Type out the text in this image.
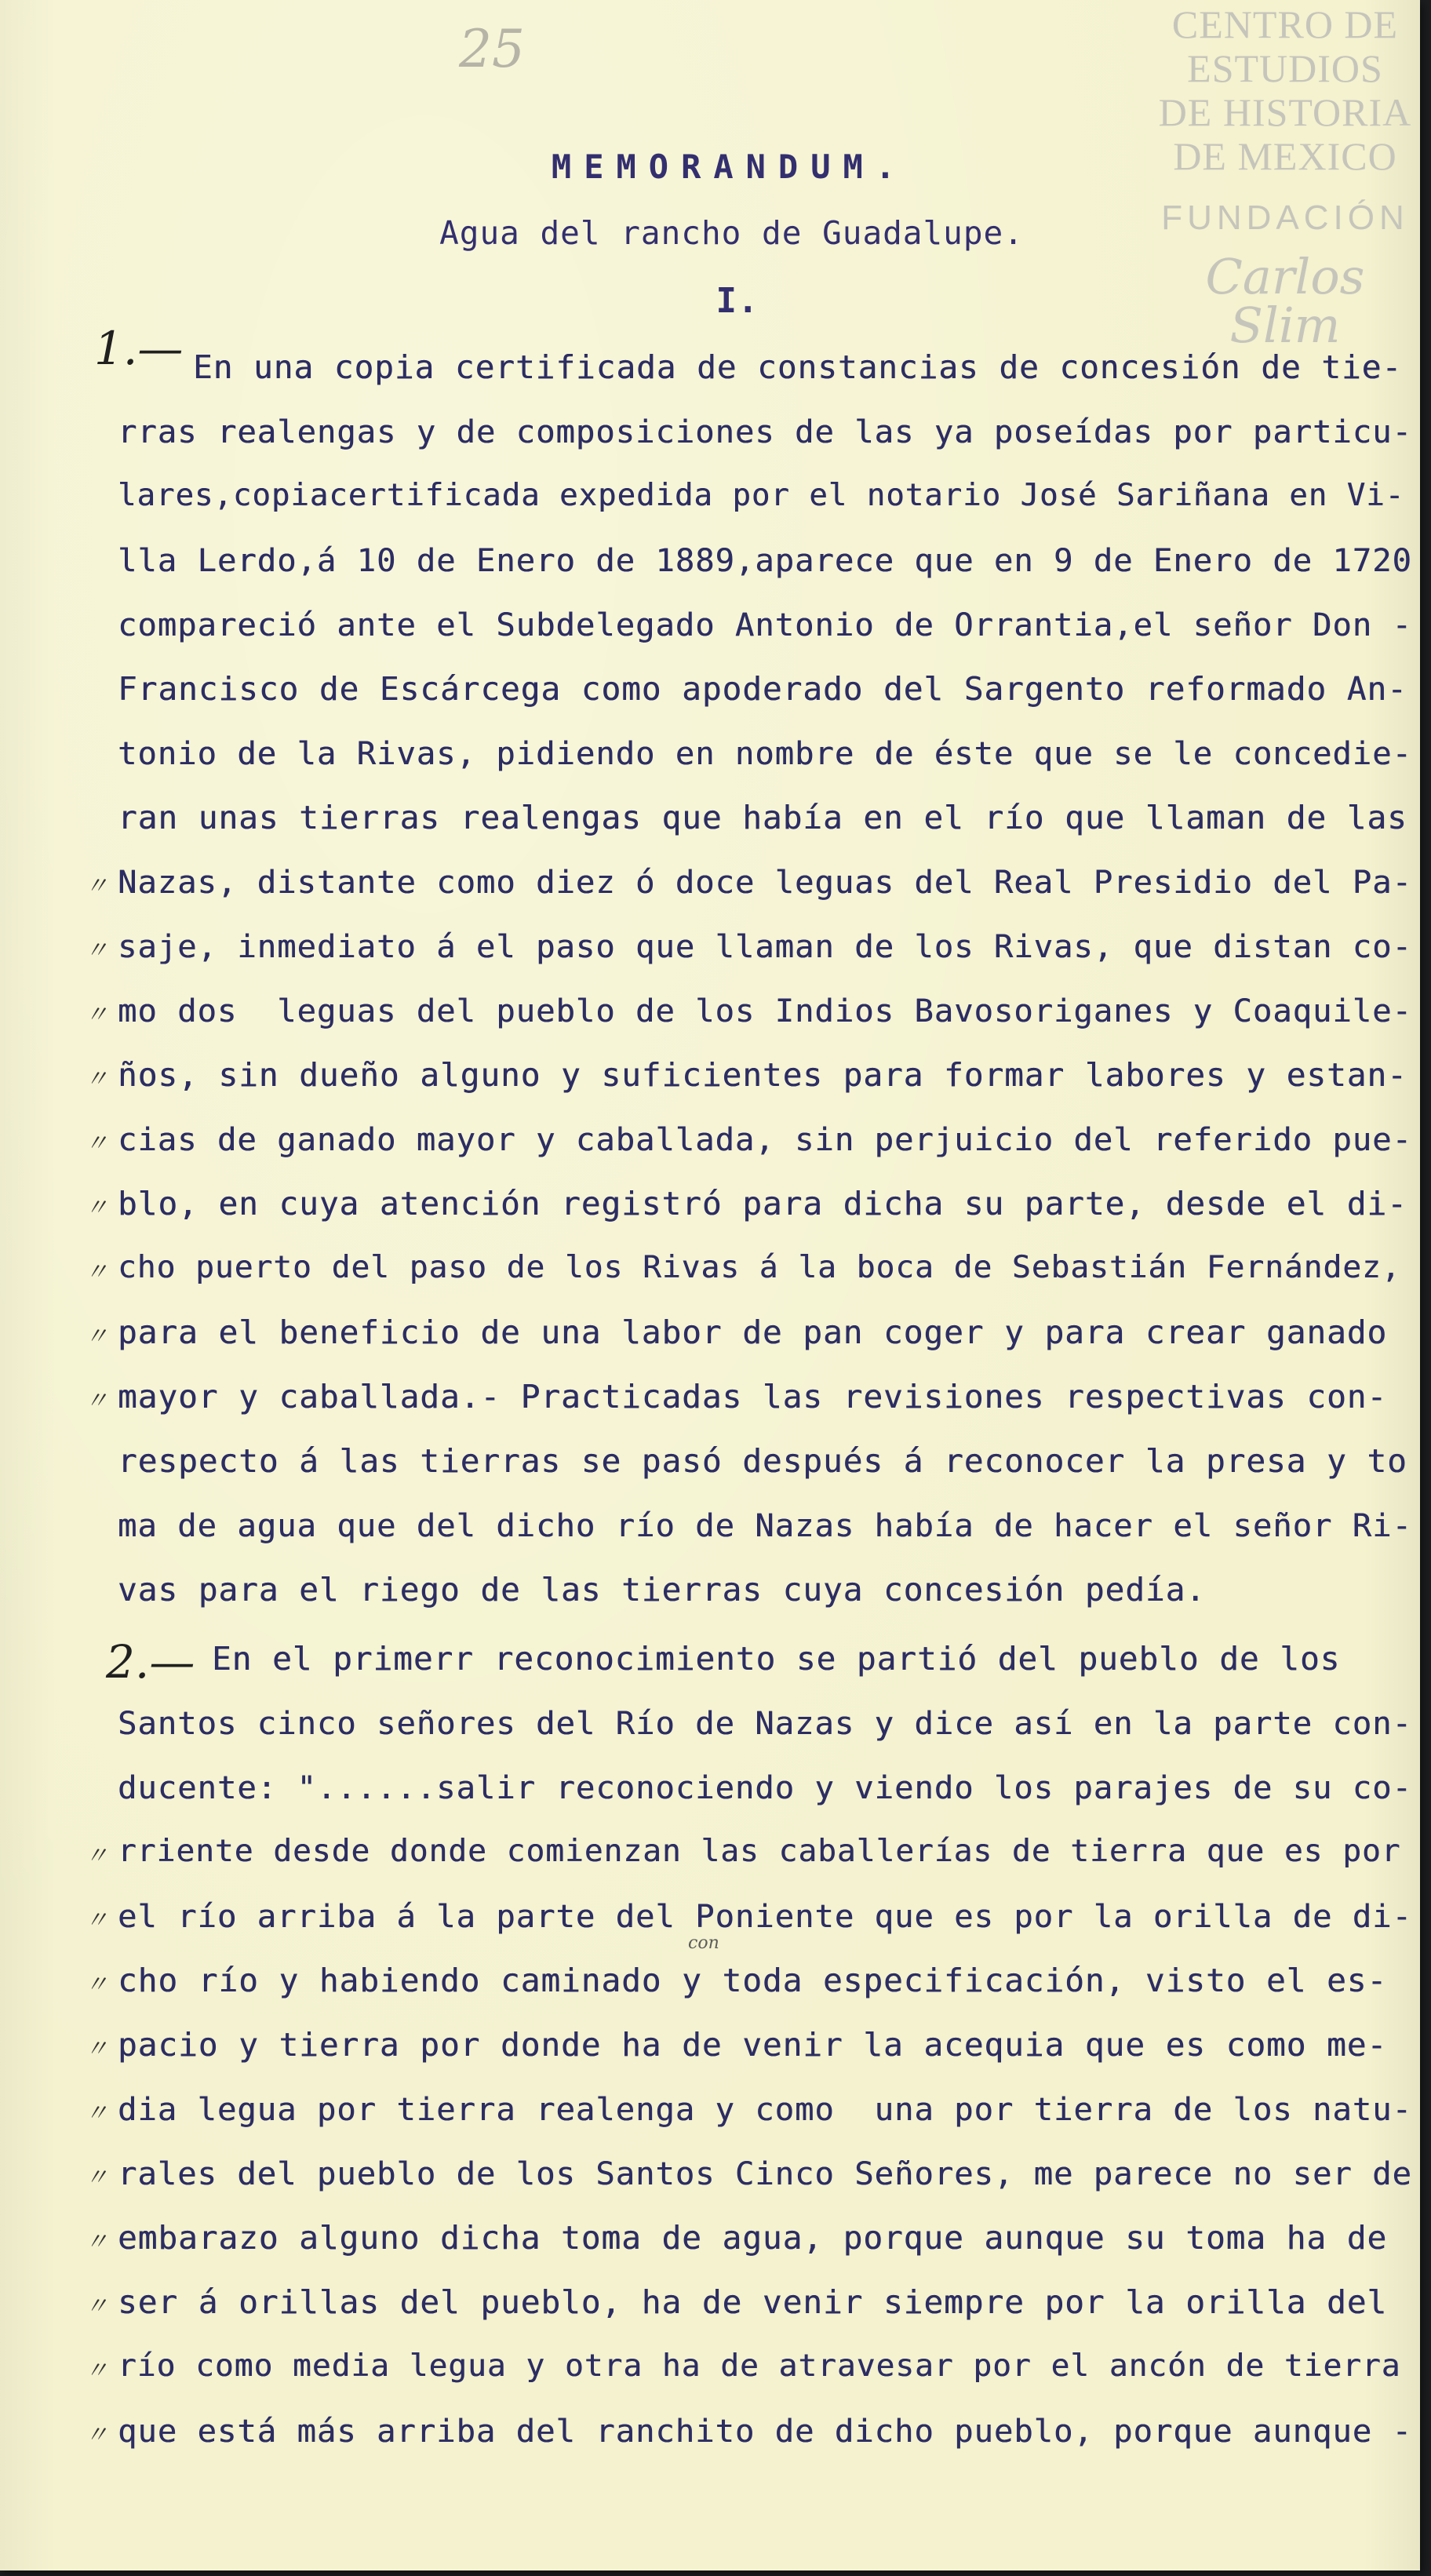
25	CENTRO DE
ESTUDIOS
DE HISTORIA
DE MEXICO
FUNDACIÓN
Carlos Slim
MEMORANDUM.
Agua del rancho de Guadalupe.
I.

1.—

2.—

〃

〃

〃

〃

〃

〃

〃

〃

〃

〃

〃

〃

〃

〃

〃

〃

〃

〃

〃

con

En una copia certificada de constancias de concesión de tie-

rras realengas y de composiciones de las ya poseídas por particu-

lares,copiacertificada expedida por el notario José Sariñana en Vi-

lla Lerdo,á 10 de Enero de 1889,aparece que en 9 de Enero de 1720

compareció ante el Subdelegado Antonio de Orrantia,el señor Don -

Francisco de Escárcega como apoderado del Sargento reformado An-

tonio de la Rivas, pidiendo en nombre de éste que se le concedie-

ran unas tierras realengas que había en el río que llaman de las

Nazas, distante como diez ó doce leguas del Real Presidio del Pa-

saje, inmediato á el paso que llaman de los Rivas, que distan co-

mo dos  leguas del pueblo de los Indios Bavosoriganes y Coaquile-

ños, sin dueño alguno y suficientes para formar labores y estan-

cias de ganado mayor y caballada, sin perjuicio del referido pue-

blo, en cuya atención registró para dicha su parte, desde el di-

cho puerto del paso de los Rivas á la boca de Sebastián Fernández,

para el beneficio de una labor de pan coger y para crear ganado

mayor y caballada.- Practicadas las revisiones respectivas con-

respecto á las tierras se pasó después á reconocer la presa y to

ma de agua que del dicho río de Nazas había de hacer el señor Ri-

vas para el riego de las tierras cuya concesión pedía.

En el primerr reconocimiento se partió del pueblo de los

Santos cinco señores del Río de Nazas y dice así en la parte con-

ducente: "......salir reconociendo y viendo los parajes de su co-

rriente desde donde comienzan las caballerías de tierra que es por

el río arriba á la parte del Poniente que es por la orilla de di-

cho río y habiendo caminado y toda especificación, visto el es-

pacio y tierra por donde ha de venir la acequia que es como me-

dia legua por tierra realenga y como  una por tierra de los natu-

rales del pueblo de los Santos Cinco Señores, me parece no ser de

embarazo alguno dicha toma de agua, porque aunque su toma ha de

ser á orillas del pueblo, ha de venir siempre por la orilla del

río como media legua y otra ha de atravesar por el ancón de tierra

que está más arriba del ranchito de dicho pueblo, porque aunque -
